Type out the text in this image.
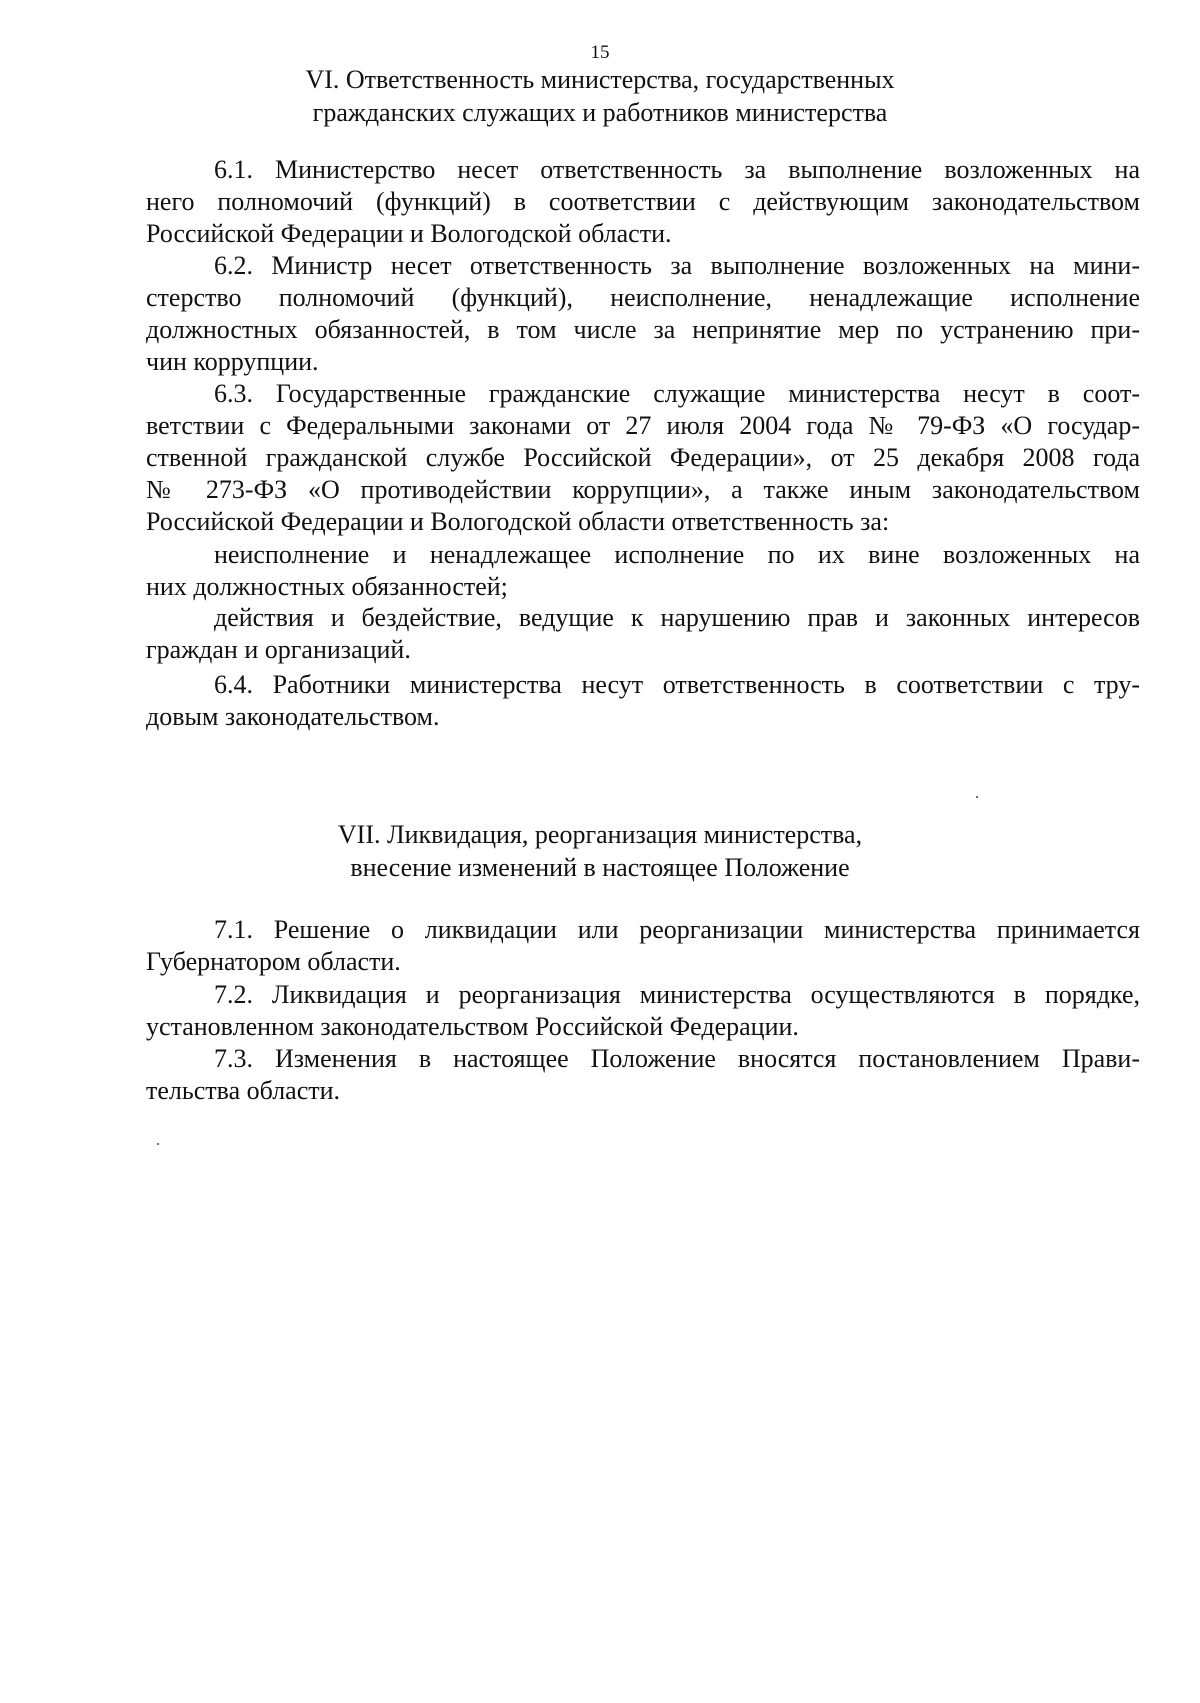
15
VI. Ответственность министерства, государственных
гражданских служащих и работников министерства
6.1. Министерство несет ответственность за выполнение возложенных на
него полномочий (функций) в соответствии с действующим законодательством
Российской Федерации и Вологодской области.
6.2. Министр несет ответственность за выполнение возложенных на мини-
стерство полномочий (функций), неисполнение, ненадлежащие исполнение
должностных обязанностей, в том числе за непринятие мер по устранению при-
чин коррупции.
6.3. Государственные гражданские служащие министерства несут в соот-
ветствии с Федеральными законами от 27 июля 2004 года № 79-ФЗ «О государ-
ственной гражданской службе Российской Федерации», от 25 декабря 2008 года
№ 273-ФЗ «О противодействии коррупции», а также иным законодательством
Российской Федерации и Вологодской области ответственность за:
неисполнение и ненадлежащее исполнение по их вине возложенных на
них должностных обязанностей;
действия и бездействие, ведущие к нарушению прав и законных интересов
граждан и организаций.
6.4. Работники министерства несут ответственность в соответствии с тру-
довым законодательством.
VII. Ликвидация, реорганизация министерства,
внесение изменений в настоящее Положение
7.1. Решение о ликвидации или реорганизации министерства принимается
Губернатором области.
7.2. Ликвидация и реорганизация министерства осуществляются в порядке,
установленном законодательством Российской Федерации.
7.3. Изменения в настоящее Положение вносятся постановлением Прави-
тельства области.
